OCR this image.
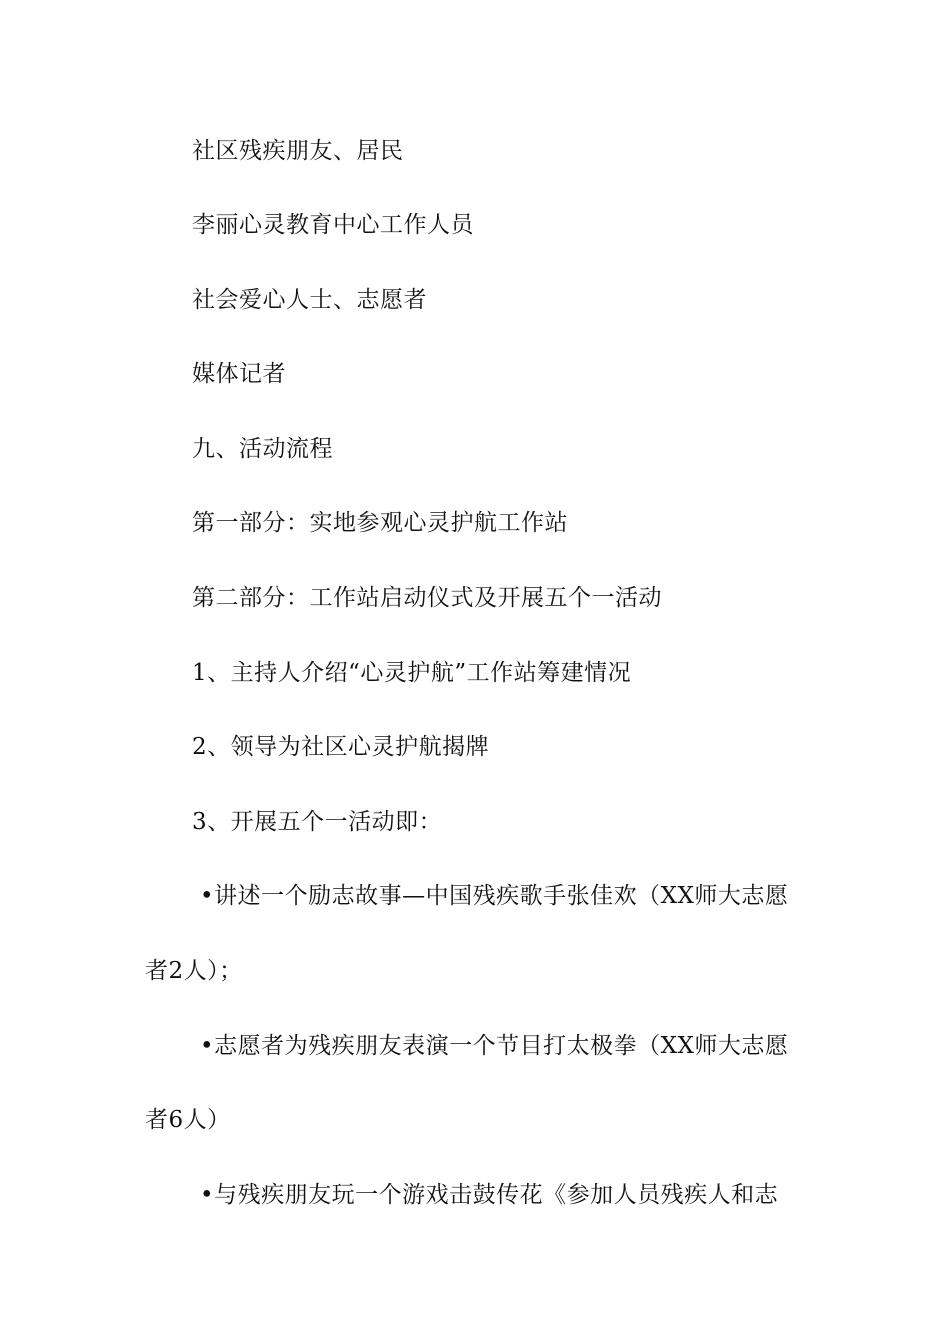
社区残疾朋友、居民
李丽心灵教育中心工作人员
社会爱心人士、志愿者
媒体记者
九、活动流程
第一部分：实地参观心灵护航工作站
第二部分：工作站启动仪式及开展五个一活动
1、主持人介绍“心灵护航”工作站筹建情况
2、领导为社区心灵护航揭牌
3、开展五个一活动即：
•讲述一个励志故事—中国残疾歌手张佳欢（XX师大志愿
者2人）；
•志愿者为残疾朋友表演一个节目打太极拳（XX师大志愿
者6人）
•与残疾朋友玩一个游戏击鼓传花《参加人员残疾人和志
